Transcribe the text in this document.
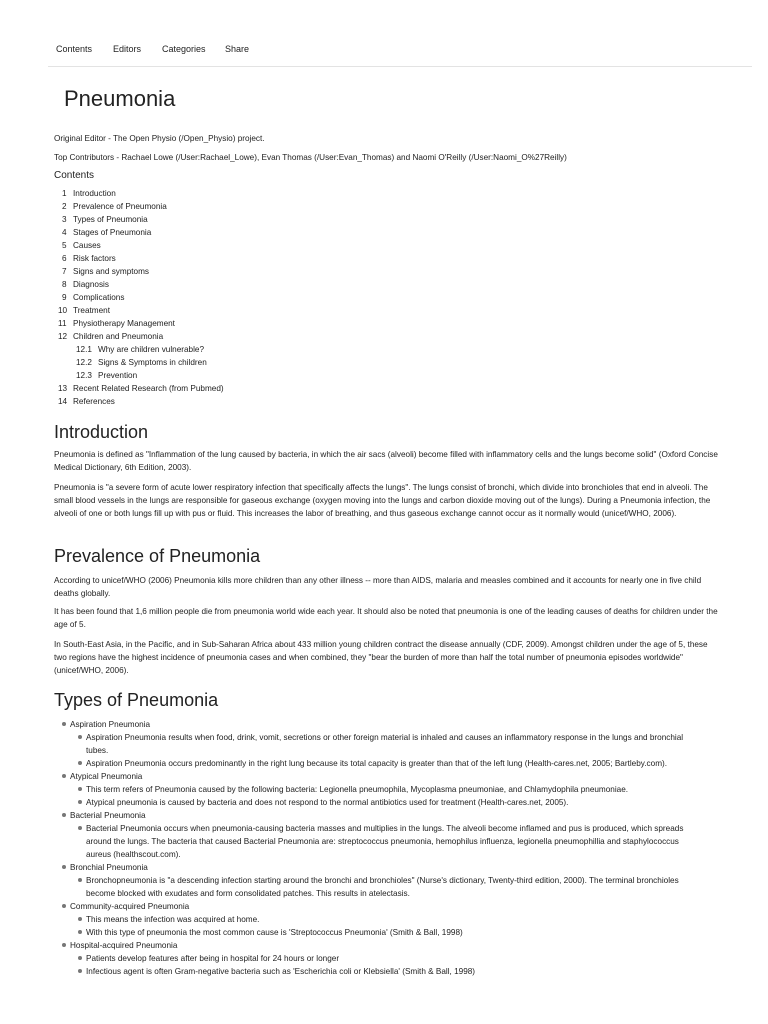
Contents Editors Categories Share
Pneumonia
Original Editor - The Open Physio (/Open_Physio) project.
Top Contributors - Rachael Lowe (/User:Rachael_Lowe), Evan Thomas (/User:Evan_Thomas) and Naomi O'Reilly (/User:Naomi_O%27Reilly)
Contents
1 Introduction
2 Prevalence of Pneumonia
3 Types of Pneumonia
4 Stages of Pneumonia
5 Causes
6 Risk factors
7 Signs and symptoms
8 Diagnosis
9 Complications
10 Treatment
11 Physiotherapy Management
12 Children and Pneumonia
12.1 Why are children vulnerable?
12.2 Signs & Symptoms in children
12.3 Prevention
13 Recent Related Research (from Pubmed)
14 References
Introduction

Pneumonia is defined as "Inflammation of the lung caused by bacteria, in which the air sacs (alveoli) become filled with inflammatory cells and the lungs become solid" (Oxford Concise Medical Dictionary, 6th Edition, 2003).

Pneumonia is "a severe form of acute lower respiratory infection that specifically affects the lungs". The lungs consist of bronchi, which divide into bronchioles that end in alveoli. The small blood vessels in the lungs are responsible for gaseous exchange (oxygen moving into the lungs and carbon dioxide moving out of the lungs). During a Pneumonia infection, the alveoli of one or both lungs fill up with pus or fluid. This increases the labor of breathing, and thus gaseous exchange cannot occur as it normally would (unicef/WHO, 2006).

Prevalence of Pneumonia

According to unicef/WHO (2006) Pneumonia kills more children than any other illness -- more than AIDS, malaria and measles combined and it accounts for nearly one in five child deaths globally.

It has been found that 1,6 million people die from pneumonia world wide each year. It should also be noted that pneumonia is one of the leading causes of deaths for children under the age of 5.

In South-East Asia, in the Pacific, and in Sub-Saharan Africa about 433 million young children contract the disease annually (CDF, 2009). Amongst children under the age of 5, these two regions have the highest incidence of pneumonia cases and when combined, they "bear the burden of more than half the total number of pneumonia episodes worldwide" (unicef/WHO, 2006).

Types of Pneumonia
Aspiration Pneumonia
Aspiration Pneumonia results when food, drink, vomit, secretions or other foreign material is inhaled and causes an inflammatory response in the lungs and bronchial tubes.
Aspiration Pneumonia occurs predominantly in the right lung because its total capacity is greater than that of the left lung (Health-cares.net, 2005; Bartleby.com).
Atypical Pneumonia
This term refers of Pneumonia caused by the following bacteria: Legionella pneumophila, Mycoplasma pneumoniae, and Chlamydophila pneumoniae.
Atypical pneumonia is caused by bacteria and does not respond to the normal antibiotics used for treatment (Health-cares.net, 2005).
Bacterial Pneumonia
Bacterial Pneumonia occurs when pneumonia-causing bacteria masses and multiplies in the lungs. The alveoli become inflamed and pus is produced, which spreads around the lungs. The bacteria that caused Bacterial Pneumonia are: streptococcus pneumonia, hemophilus influenza, legionella pneumophillia and staphylococcus aureus (healthscout.com).
Bronchial Pneumonia
Bronchopneumonia is "a descending infection starting around the bronchi and bronchioles" (Nurse's dictionary, Twenty-third edition, 2000). The terminal bronchioles become blocked with exudates and form consolidated patches. This results in atelectasis.
Community-acquired Pneumonia
This means the infection was acquired at home.
With this type of pneumonia the most common cause is 'Streptococcus Pneumonia' (Smith & Ball, 1998)
Hospital-acquired Pneumonia
Patients develop features after being in hospital for 24 hours or longer
Infectious agent is often Gram-negative bacteria such as 'Escherichia coli or Klebsiella' (Smith & Ball, 1998)
